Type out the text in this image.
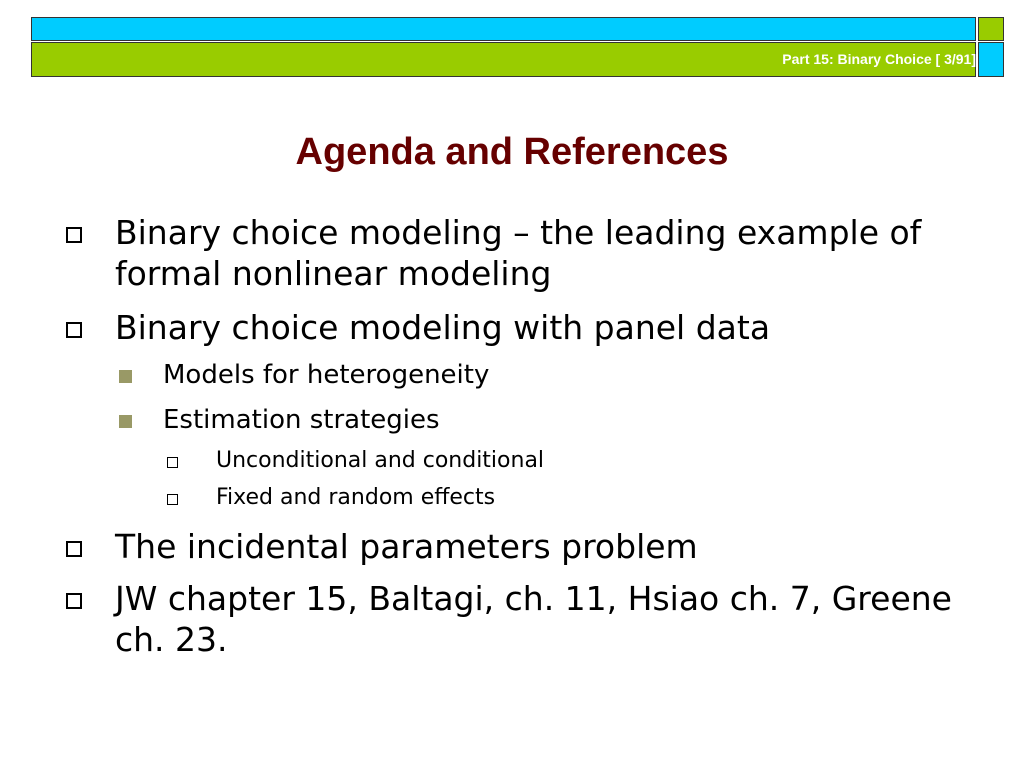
Part 15: Binary Choice [ 3/91]
Agenda and References
Binary choice modeling – the leading example of formal nonlinear modeling
Binary choice modeling with panel data
Models for heterogeneity
Estimation strategies
Unconditional and conditional
Fixed and random effects
The incidental parameters problem
JW chapter 15, Baltagi, ch. 11, Hsiao ch. 7, Greene ch. 23.
